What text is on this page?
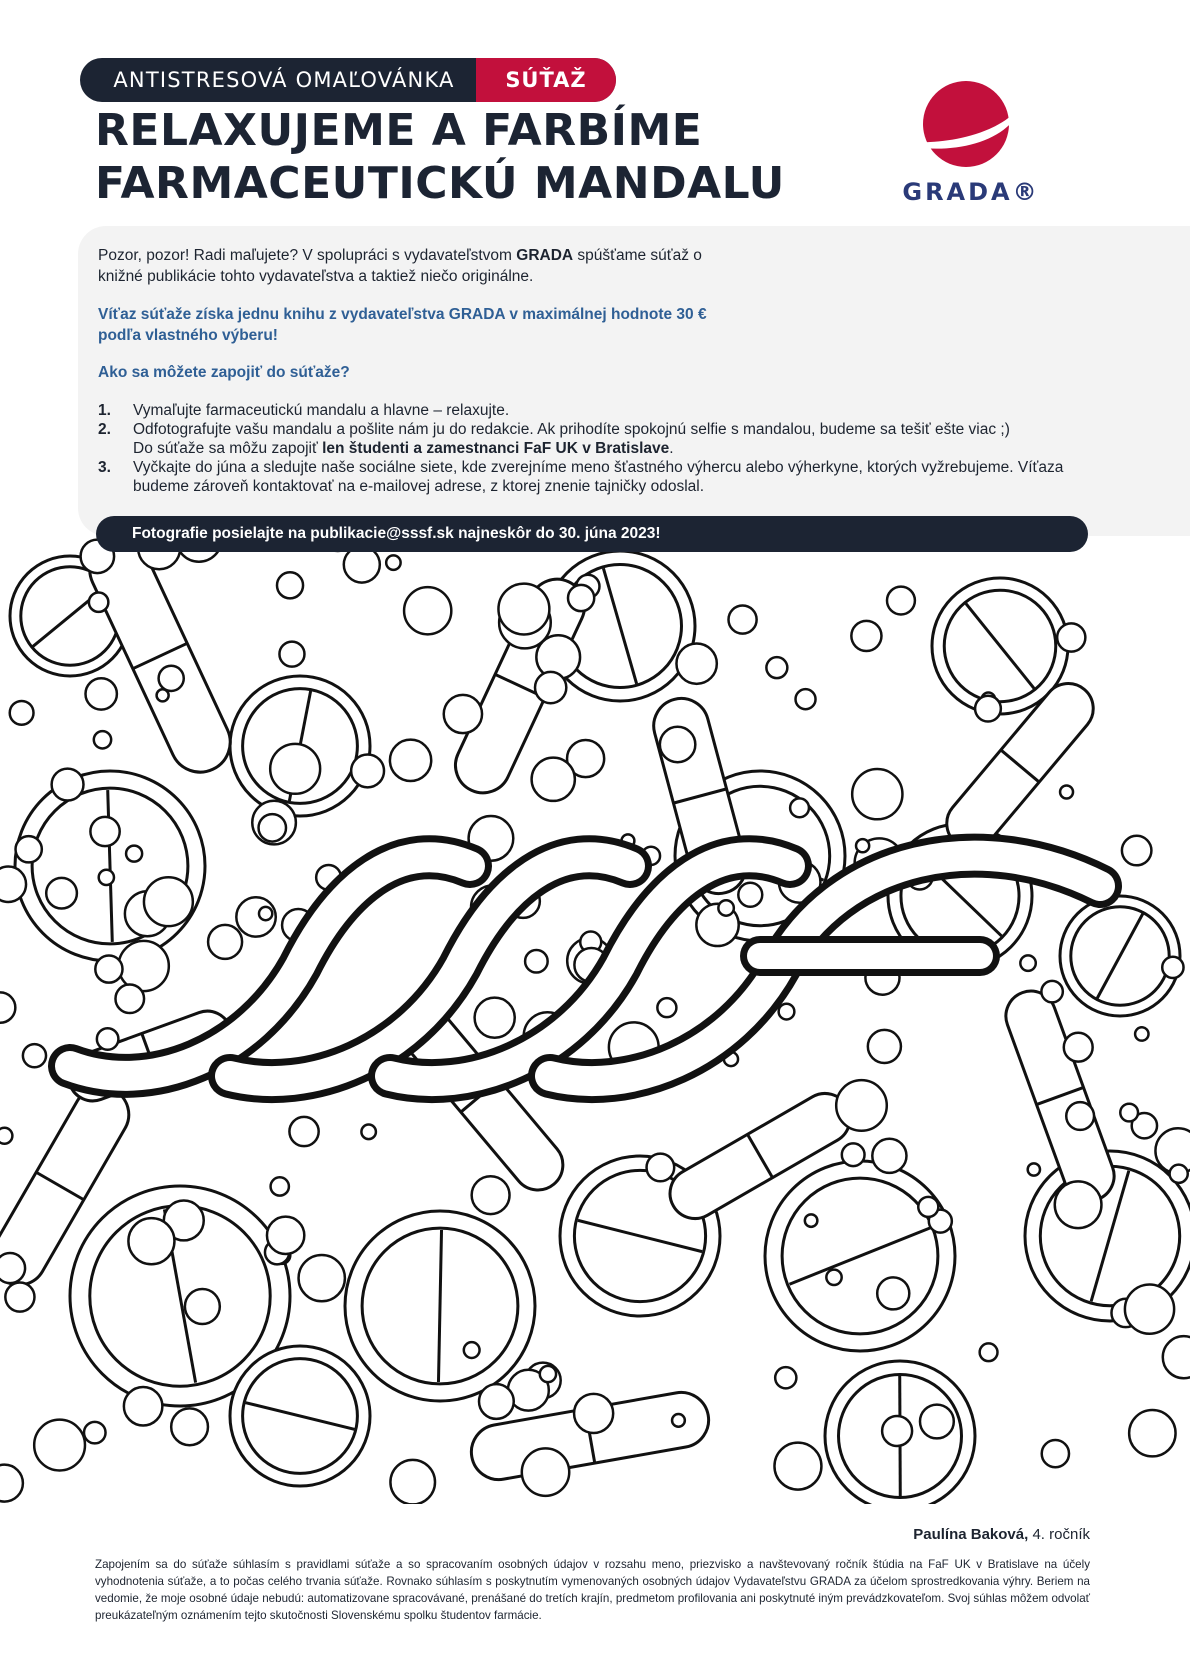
ANTISTRESOVÁ OMAĽOVÁNKA	SÚŤAŽ
RELAXUJEME A FARBÍME
FARMACEUTICKÚ MANDALU	GRADA®

Pozor, pozor! Radi maľujete? V spolupráci s vydavateľstvom GRADA spúšťame súťaž o knižné publikácie tohto vydavateľstva a taktiež niečo originálne.

Víťaz súťaže získa jednu knihu z vydavateľstva GRADA v maximálnej hodnote 30 € podľa vlastného výberu!

Ako sa môžete zapojiť do súťaže?

1.	Vymaľujte farmaceutickú mandalu a hlavne – relaxujte.
2.	Odfotografujte vašu mandalu a pošlite nám ju do redakcie. Ak prihodíte spokojnú selfie s mandalou, budeme sa tešiť ešte viac ;)
Do súťaže sa môžu zapojiť len študenti a zamestnanci FaF UK v Bratislave.
3.	Vyčkajte do júna a sledujte naše sociálne siete, kde zverejníme meno šťastného výhercu alebo výherkyne, ktorých vyžrebujeme. Víťaza budeme zároveň kontaktovať na e-mailovej adrese, z ktorej znenie tajničky odoslal.
Fotografie posielajte na publikacie@sssf.sk najneskôr do 30. júna 2023!
Paulína Baková, 4. ročník

Zapojením sa do súťaže súhlasím s pravidlami súťaže a so spracovaním osobných údajov v rozsahu meno, priezvisko a navštevovaný ročník štúdia na FaF UK v Bratislave na účely vyhodnotenia súťaže, a to počas celého trvania súťaže. Rovnako súhlasím s poskytnutím vymenovaných osobných údajov Vydavateľstvu GRADA za účelom sprostredkovania výhry. Beriem na vedomie, že moje osobné údaje nebudú: automatizovane spracovávané, prenášané do tretích krajín, predmetom profilovania ani poskytnuté iným prevádzkovateľom. Svoj súhlas môžem odvolať preukázateľným oznámením tejto skutočnosti Slovenskému spolku študentov farmácie.
